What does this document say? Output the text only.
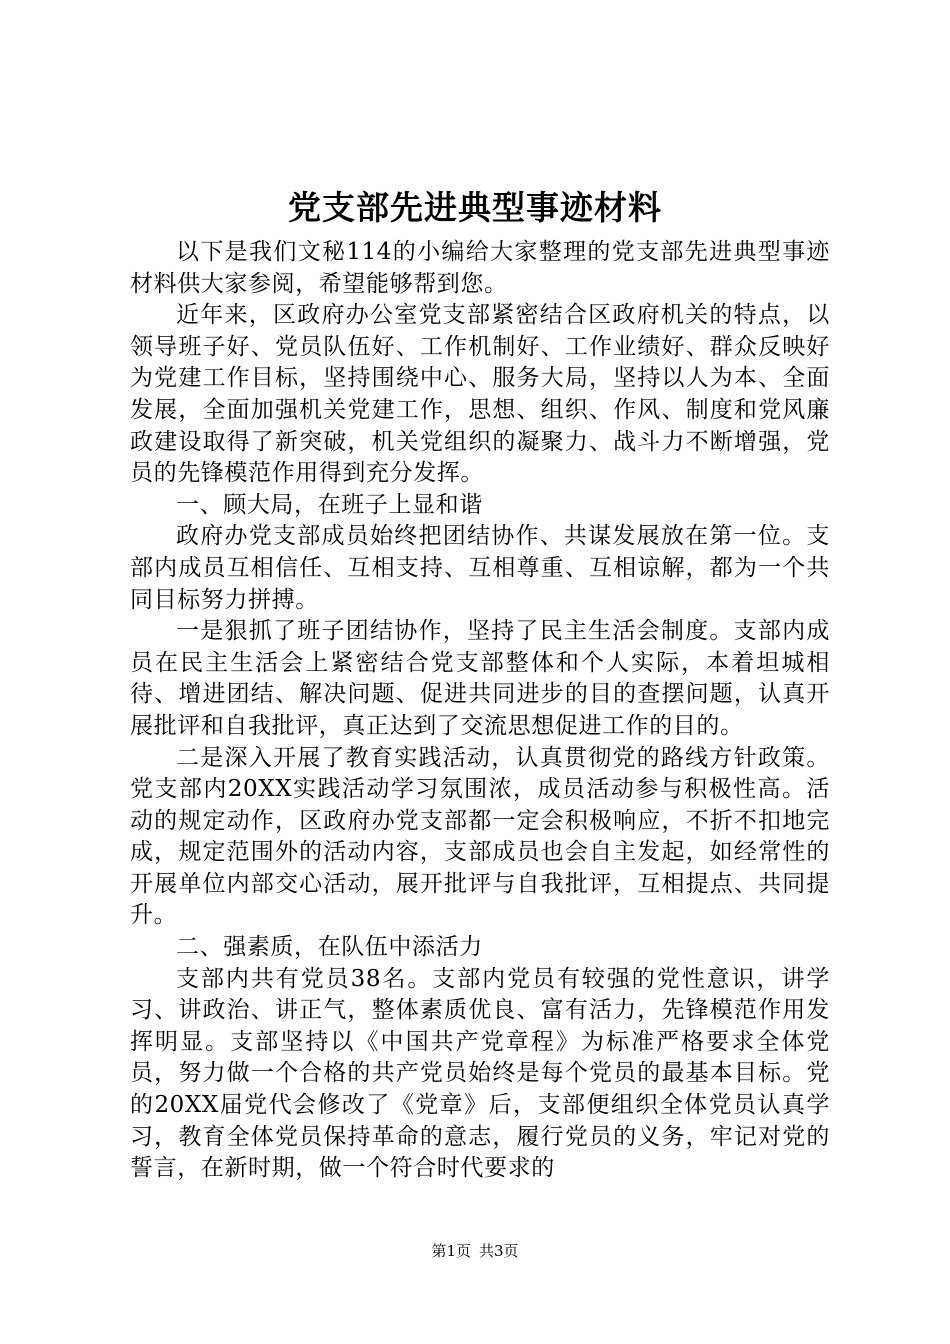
党支部先进典型事迹材料

以下是我们文秘114的小编给大家整理的党支部先进典型事迹材料供大家参阅，希望能够帮到您。

近年来，区政府办公室党支部紧密结合区政府机关的特点，以领导班子好、党员队伍好、工作机制好、工作业绩好、群众反映好为党建工作目标，坚持围绕中心、服务大局，坚持以人为本、全面发展，全面加强机关党建工作，思想、组织、作风、制度和党风廉政建设取得了新突破，机关党组织的凝聚力、战斗力不断增强，党员的先锋模范作用得到充分发挥。

一、顾大局，在班子上显和谐

政府办党支部成员始终把团结协作、共谋发展放在第一位。支部内成员互相信任、互相支持、互相尊重、互相谅解，都为一个共同目标努力拼搏。

一是狠抓了班子团结协作，坚持了民主生活会制度。支部内成员在民主生活会上紧密结合党支部整体和个人实际，本着坦城相待、增进团结、解决问题、促进共同进步的目的查摆问题，认真开展批评和自我批评，真正达到了交流思想促进工作的目的。

二是深入开展了教育实践活动，认真贯彻党的路线方针政策。党支部内20XX实践活动学习氛围浓，成员活动参与积极性高。活动的规定动作，区政府办党支部都一定会积极响应，不折不扣地完成，规定范围外的活动内容，支部成员也会自主发起，如经常性的开展单位内部交心活动，展开批评与自我批评，互相提点、共同提升。

二、强素质，在队伍中添活力

支部内共有党员38名。支部内党员有较强的党性意识，讲学习、讲政治、讲正气，整体素质优良、富有活力，先锋模范作用发挥明显。支部坚持以《中国共产党章程》为标准严格要求全体党员，努力做一个合格的共产党员始终是每个党员的最基本目标。党的20XX届党代会修改了《党章》后，支部便组织全体党员认真学习，教育全体党员保持革命的意志，履行党员的义务，牢记对党的誓言，在新时期，做一个符合时代要求的

第1页 共3页
